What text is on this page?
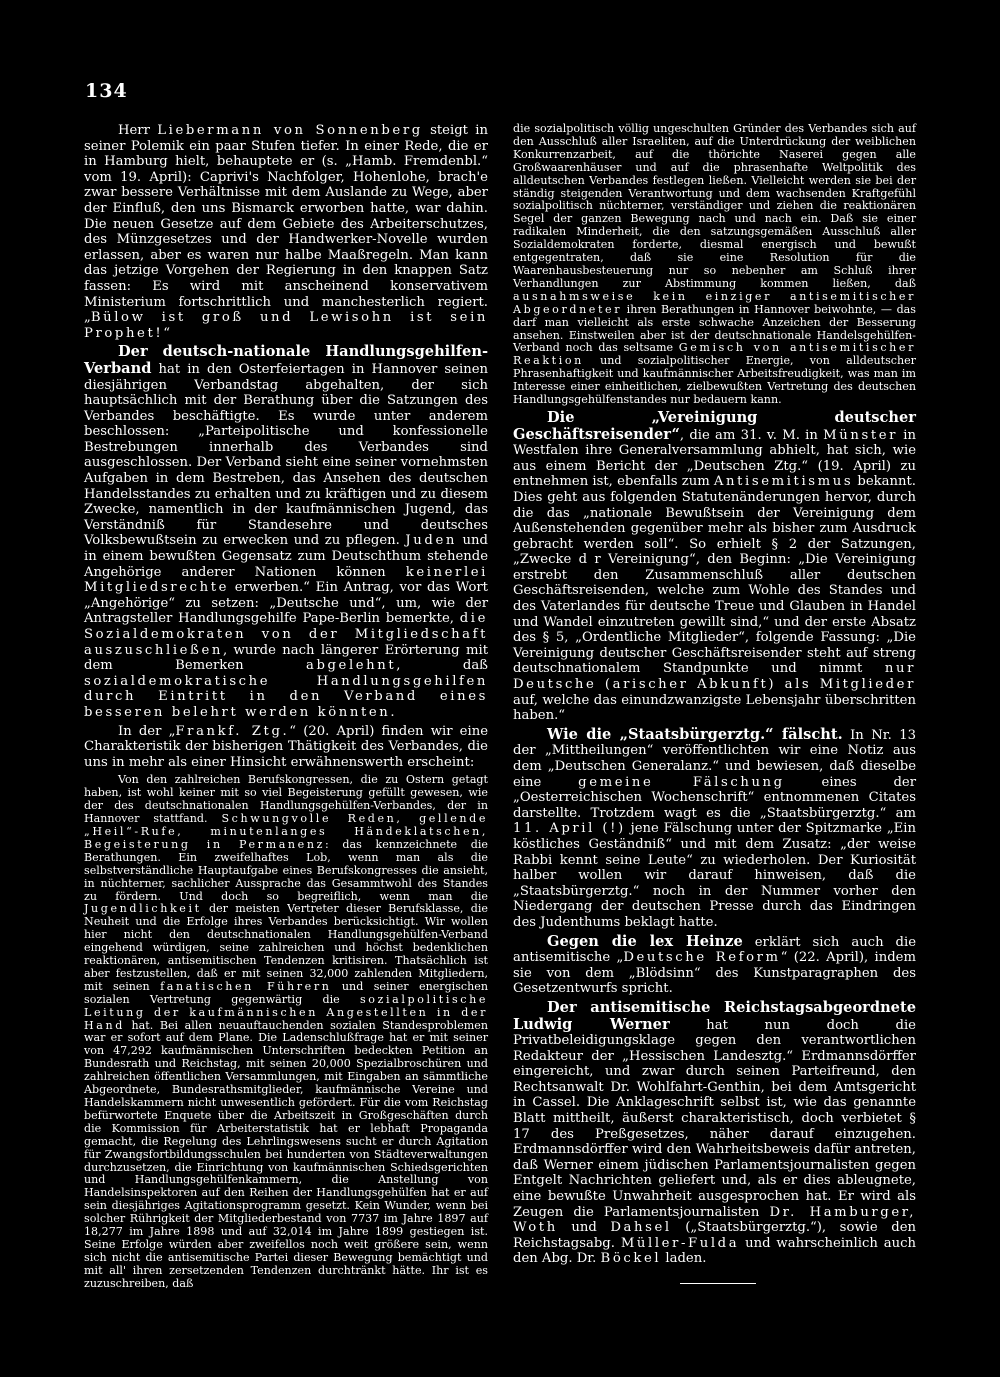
134

Herr Liebermann von Sonnenberg steigt in seiner Polemik ein paar Stufen tiefer. In einer Rede, die er in Hamburg hielt, behauptete er (s. „Hamb. Fremdenbl.“ vom 19. April): Caprivi's Nachfolger, Hohenlohe, brach'e zwar bessere Verhältnisse mit dem Auslande zu Wege, aber der Einfluß, den uns Bismarck erworben hatte, war dahin. Die neuen Gesetze auf dem Gebiete des Arbeiterschutzes, des Münzgesetzes und der Handwerker-Novelle wurden erlassen, aber es waren nur halbe Maaßregeln. Man kann das jetzige Vorgehen der Regierung in den knappen Satz fassen: Es wird mit anscheinend konservativem Ministerium fortschrittlich und manchesterlich regiert. „Bülow ist groß und Lewisohn ist sein Prophet!“

Der deutsch-nationale Handlungsgehilfen-Verband hat in den Osterfeiertagen in Hannover seinen diesjährigen Verbandstag abgehalten, der sich hauptsächlich mit der Berathung über die Satzungen des Verbandes beschäftigte. Es wurde unter anderem beschlossen: „Parteipolitische und konfessionelle Bestrebungen innerhalb des Verbandes sind ausgeschlossen. Der Verband sieht eine seiner vornehmsten Aufgaben in dem Bestreben, das Ansehen des deutschen Handelsstandes zu erhalten und zu kräftigen und zu diesem Zwecke, namentlich in der kaufmännischen Jugend, das Verständniß für Standesehre und deutsches Volksbewußtsein zu erwecken und zu pflegen. Juden und in einem bewußten Gegensatz zum Deutschthum stehende Angehörige anderer Nationen können keinerlei Mitgliedsrechte erwerben.“ Ein Antrag, vor das Wort „Angehörige“ zu setzen: „Deutsche und“, um, wie der Antragsteller Handlungsgehilfe Pape-Berlin bemerkte, die Sozialdemokraten von der Mitgliedschaft auszuschließen, wurde nach längerer Erörterung mit dem Bemerken abgelehnt, daß sozialdemokratische Handlungsgehilfen durch Eintritt in den Verband eines besseren belehrt werden könnten.

In der „Frankf. Ztg.“ (20. April) finden wir eine Charakteristik der bisherigen Thätigkeit des Verbandes, die uns in mehr als einer Hinsicht erwähnenswerth erscheint:

Von den zahlreichen Berufskongressen, die zu Ostern getagt haben, ist wohl keiner mit so viel Begeisterung gefüllt gewesen, wie der des deutschnationalen Handlungsgehülfen-Verbandes, der in Hannover stattfand. Schwungvolle Reden, gellende „Heil“-Rufe, minutenlanges Händeklatschen, Begeisterung in Permanenz: das kennzeichnete die Berathungen. Ein zweifelhaftes Lob, wenn man als die selbstverständliche Hauptaufgabe eines Berufskongresses die ansieht, in nüchterner, sachlicher Aussprache das Gesammtwohl des Standes zu fördern. Und doch so begreiflich, wenn man die Jugendlichkeit der meisten Vertreter dieser Berufsklasse, die Neuheit und die Erfolge ihres Verbandes berücksichtigt. Wir wollen hier nicht den deutschnationalen Handlungsgehülfen-Verband eingehend würdigen, seine zahlreichen und höchst bedenklichen reaktionären, antisemitischen Tendenzen kritisiren. Thatsächlich ist aber festzustellen, daß er mit seinen 32,000 zahlenden Mitgliedern, mit seinen fanatischen Führern und seiner energischen sozialen Vertretung gegenwärtig die sozialpolitische Leitung der kaufmännischen Angestellten in der Hand hat. Bei allen neuauftauchenden sozialen Standesproblemen war er sofort auf dem Plane. Die Ladenschlußfrage hat er mit seiner von 47,292 kaufmännischen Unterschriften bedeckten Petition an Bundesrath und Reichstag, mit seinen 20,000 Spezialbroschüren und zahlreichen öffentlichen Versammlungen, mit Eingaben an sämmtliche Abgeordnete, Bundesrathsmitglieder, kaufmännische Vereine und Handelskammern nicht unwesentlich gefördert. Für die vom Reichstag befürwortete Enquete über die Arbeitszeit in Großgeschäften durch die Kommission für Arbeiterstatistik hat er lebhaft Propaganda gemacht, die Regelung des Lehrlingswesens sucht er durch Agitation für Zwangsfortbildungsschulen bei hunderten von Städteverwaltungen durchzusetzen, die Einrichtung von kaufmännischen Schiedsgerichten und Handlungsgehülfenkammern, die Anstellung von Handelsinspektoren auf den Reihen der Handlungsgehülfen hat er auf sein diesjähriges Agitationsprogramm gesetzt. Kein Wunder, wenn bei solcher Rührigkeit der Mitgliederbestand von 7737 im Jahre 1897 auf 18,277 im Jahre 1898 und auf 32,014 im Jahre 1899 gestiegen ist. Seine Erfolge würden aber zweifellos noch weit größere sein, wenn sich nicht die antisemitische Partei dieser Bewegung bemächtigt und mit all' ihren zersetzenden Tendenzen durchtränkt hätte. Ihr ist es zuzuschreiben, daß

die sozialpolitisch völlig ungeschulten Gründer des Verbandes sich auf den Ausschluß aller Israeliten, auf die Unterdrückung der weiblichen Konkurrenzarbeit, auf die thörichte Naserei gegen alle Großwaarenhäuser und auf die phrasenhafte Weltpolitik des alldeutschen Verbandes festlegen ließen. Vielleicht werden sie bei der ständig steigenden Verantwortung und dem wachsenden Kraftgefühl sozialpolitisch nüchterner, verständiger und ziehen die reaktionären Segel der ganzen Bewegung nach und nach ein. Daß sie einer radikalen Minderheit, die den satzungsgemäßen Ausschluß aller Sozialdemokraten forderte, diesmal energisch und bewußt entgegentraten, daß sie eine Resolution für die Waarenhausbesteuerung nur so nebenher am Schluß ihrer Verhandlungen zur Abstimmung kommen ließen, daß ausnahmsweise kein einziger antisemitischer Abgeordneter ihren Berathungen in Hannover beiwohnte, — das darf man vielleicht als erste schwache Anzeichen der Besserung ansehen. Einstweilen aber ist der deutschnationale Handelsgehülfen-Verband noch das seltsame Gemisch von antisemitischer Reaktion und sozialpolitischer Energie, von alldeutscher Phrasenhaftigkeit und kaufmännischer Arbeitsfreudigkeit, was man im Interesse einer einheitlichen, zielbewußten Vertretung des deutschen Handlungsgehülfenstandes nur bedauern kann.

Die „Vereinigung deutscher Geschäftsreisender“, die am 31. v. M. in Münster in Westfalen ihre Generalversammlung abhielt, hat sich, wie aus einem Bericht der „Deutschen Ztg.“ (19. April) zu entnehmen ist, ebenfalls zum Antisemitismus bekannt. Dies geht aus folgenden Statutenänderungen hervor, durch die das „nationale Bewußtsein der Vereinigung dem Außenstehenden gegenüber mehr als bisher zum Ausdruck gebracht werden soll“. So erhielt § 2 der Satzungen, „Zwecke d r Vereinigung“, den Beginn: „Die Vereinigung erstrebt den Zusammenschluß aller deutschen Geschäftsreisenden, welche zum Wohle des Standes und des Vaterlandes für deutsche Treue und Glauben in Handel und Wandel einzutreten gewillt sind,“ und der erste Absatz des § 5, „Ordentliche Mitglieder“, folgende Fassung: „Die Vereinigung deutscher Geschäftsreisender steht auf streng deutschnationalem Standpunkte und nimmt nur Deutsche (arischer Abkunft) als Mitglieder auf, welche das einundzwanzigste Lebensjahr überschritten haben.“

Wie die „Staatsbürgerztg.“ fälscht. In Nr. 13 der „Mittheilungen“ veröffentlichten wir eine Notiz aus dem „Deutschen Generalanz.“ und bewiesen, daß dieselbe eine gemeine Fälschung eines der „Oesterreichischen Wochenschrift“ entnommenen Citates darstellte. Trotzdem wagt es die „Staatsbürgerztg.“ am 11. April (!) jene Fälschung unter der Spitzmarke „Ein köstliches Geständniß“ und mit dem Zusatz: „der weise Rabbi kennt seine Leute“ zu wiederholen. Der Kuriosität halber wollen wir darauf hinweisen, daß die „Staatsbürgerztg.“ noch in der Nummer vorher den Niedergang der deutschen Presse durch das Eindringen des Judenthums beklagt hatte.

Gegen die lex Heinze erklärt sich auch die antisemitische „Deutsche Reform“ (22. April), indem sie von dem „Blödsinn“ des Kunstparagraphen des Gesetzentwurfs spricht.

Der antisemitische Reichstagsabgeordnete Ludwig Werner hat nun doch die Privatbeleidigungsklage gegen den verantwortlichen Redakteur der „Hessischen Landesztg.“ Erdmannsdörffer eingereicht, und zwar durch seinen Parteifreund, den Rechtsanwalt Dr. Wohlfahrt-Genthin, bei dem Amtsgericht in Cassel. Die Anklageschrift selbst ist, wie das genannte Blatt mittheilt, äußerst charakteristisch, doch verbietet § 17 des Preßgesetzes, näher darauf einzugehen. Erdmannsdörffer wird den Wahrheitsbeweis dafür antreten, daß Werner einem jüdischen Parlamentsjournalisten gegen Entgelt Nachrichten geliefert und, als er dies ableugnete, eine bewußte Unwahrheit ausgesprochen hat. Er wird als Zeugen die Parlamentsjournalisten Dr. Hamburger, Woth und Dahsel („Staatsbürgerztg.“), sowie den Reichstagsabg. Müller-Fulda und wahrscheinlich auch den Abg. Dr. Böckel laden.
